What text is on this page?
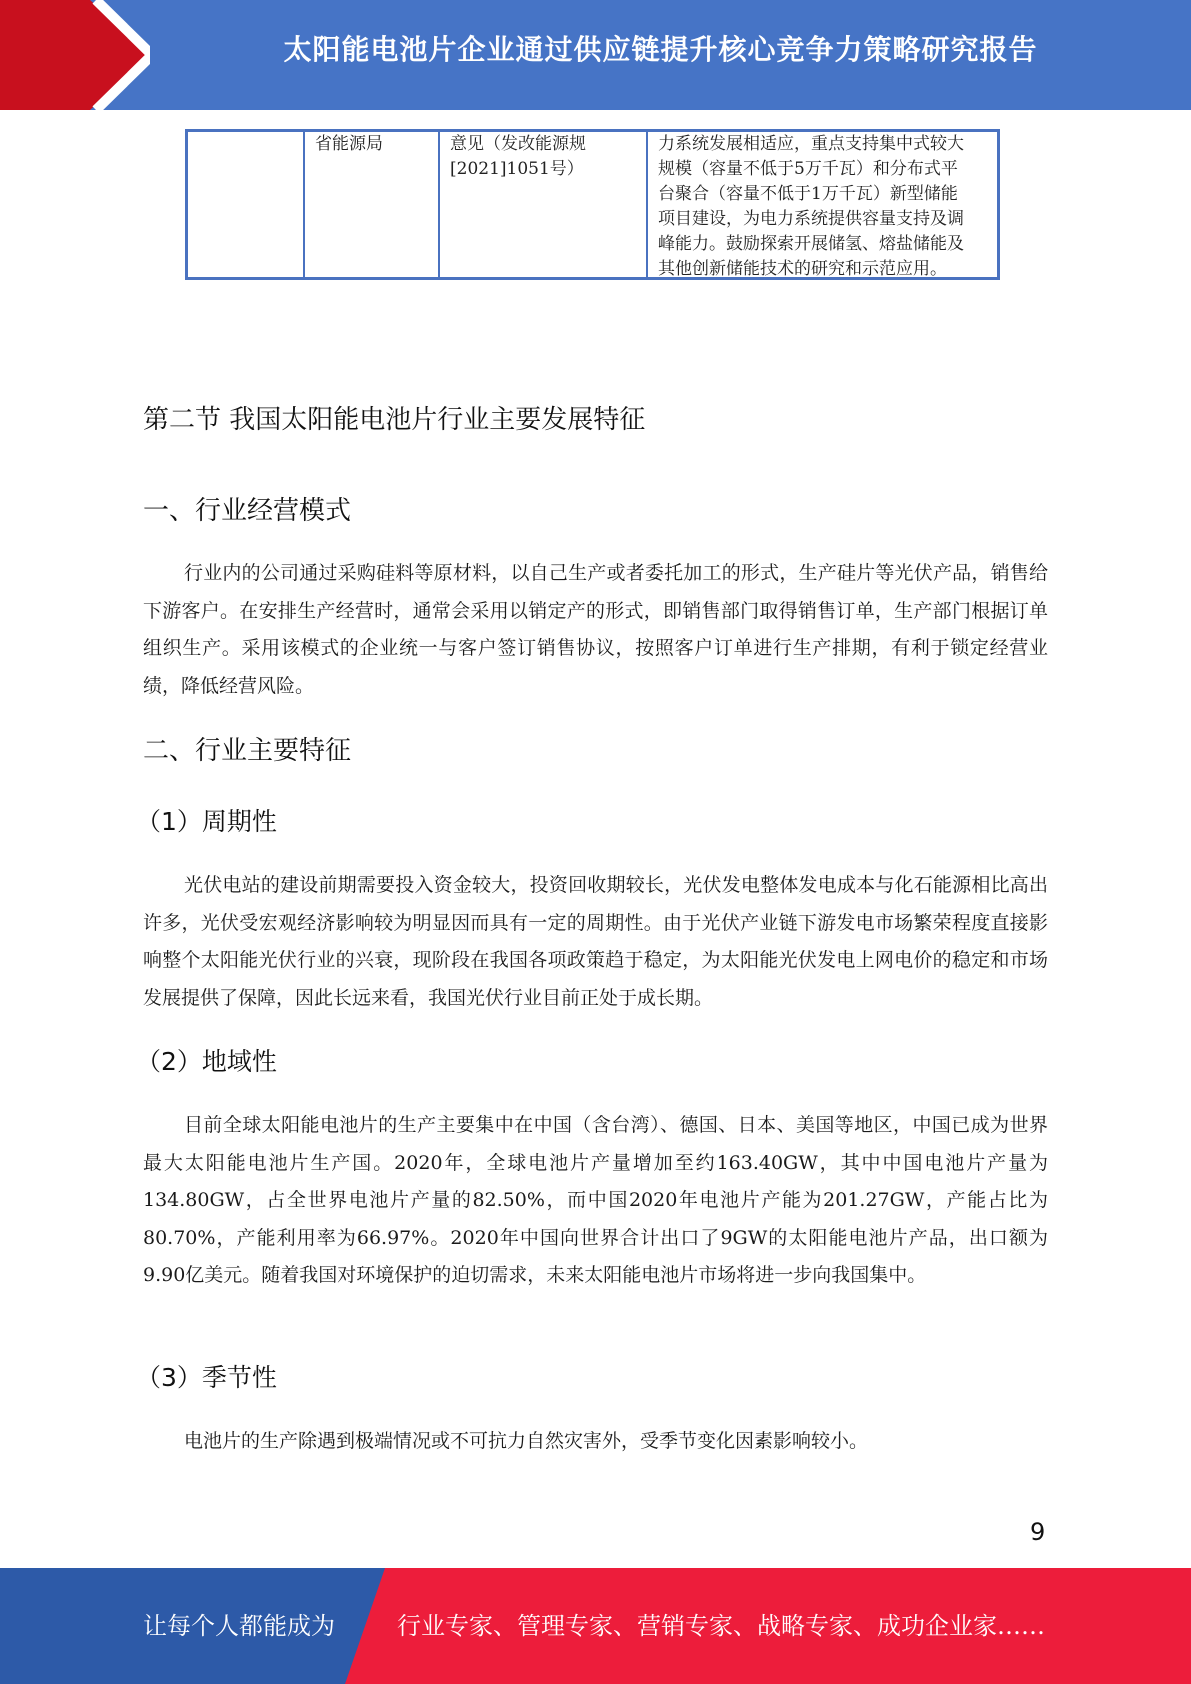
太阳能电池片企业通过供应链提升核心竞争力策略研究报告
省能源局	意见（发改能源规
[2021]1051号）
力系统发展相适应，重点支持集中式较大
规模（容量不低于5万千瓦）和分布式平
台聚合（容量不低于1万千瓦）新型储能
项目建设，为电力系统提供容量支持及调
峰能力。鼓励探索开展储氢、熔盐储能及
其他创新储能技术的研究和示范应用。
第二节 我国太阳能电池片行业主要发展特征
一、行业经营模式
行业内的公司通过采购硅料等原材料，以自己生产或者委托加工的形式，生产硅片等光伏产品，销售给下游客户。在安排生产经营时，通常会采用以销定产的形式，即销售部门取得销售订单，生产部门根据订单组织生产。采用该模式的企业统一与客户签订销售协议，按照客户订单进行生产排期，有利于锁定经营业绩，降低经营风险。
二、行业主要特征
（1）周期性
光伏电站的建设前期需要投入资金较大，投资回收期较长，光伏发电整体发电成本与化石能源相比高出许多，光伏受宏观经济影响较为明显因而具有一定的周期性。由于光伏产业链下游发电市场繁荣程度直接影响整个太阳能光伏行业的兴衰，现阶段在我国各项政策趋于稳定，为太阳能光伏发电上网电价的稳定和市场发展提供了保障，因此长远来看，我国光伏行业目前正处于成长期。
（2）地域性
目前全球太阳能电池片的生产主要集中在中国（含台湾）、德国、日本、美国等地区，中国已成为世界最大太阳能电池片生产国。2020年，全球电池片产量增加至约163.40GW，其中中国电池片产量为134.80GW，占全世界电池片产量的82.50%，而中国2020年电池片产能为201.27GW，产能占比为80.70%，产能利用率为66.97%。2020年中国向世界合计出口了9GW的太阳能电池片产品，出口额为9.90亿美元。随着我国对环境保护的迫切需求，未来太阳能电池片市场将进一步向我国集中。
（3）季节性
电池片的生产除遇到极端情况或不可抗力自然灾害外，受季节变化因素影响较小。
9
让每个人都能成为	行业专家、管理专家、营销专家、战略专家、成功企业家……
